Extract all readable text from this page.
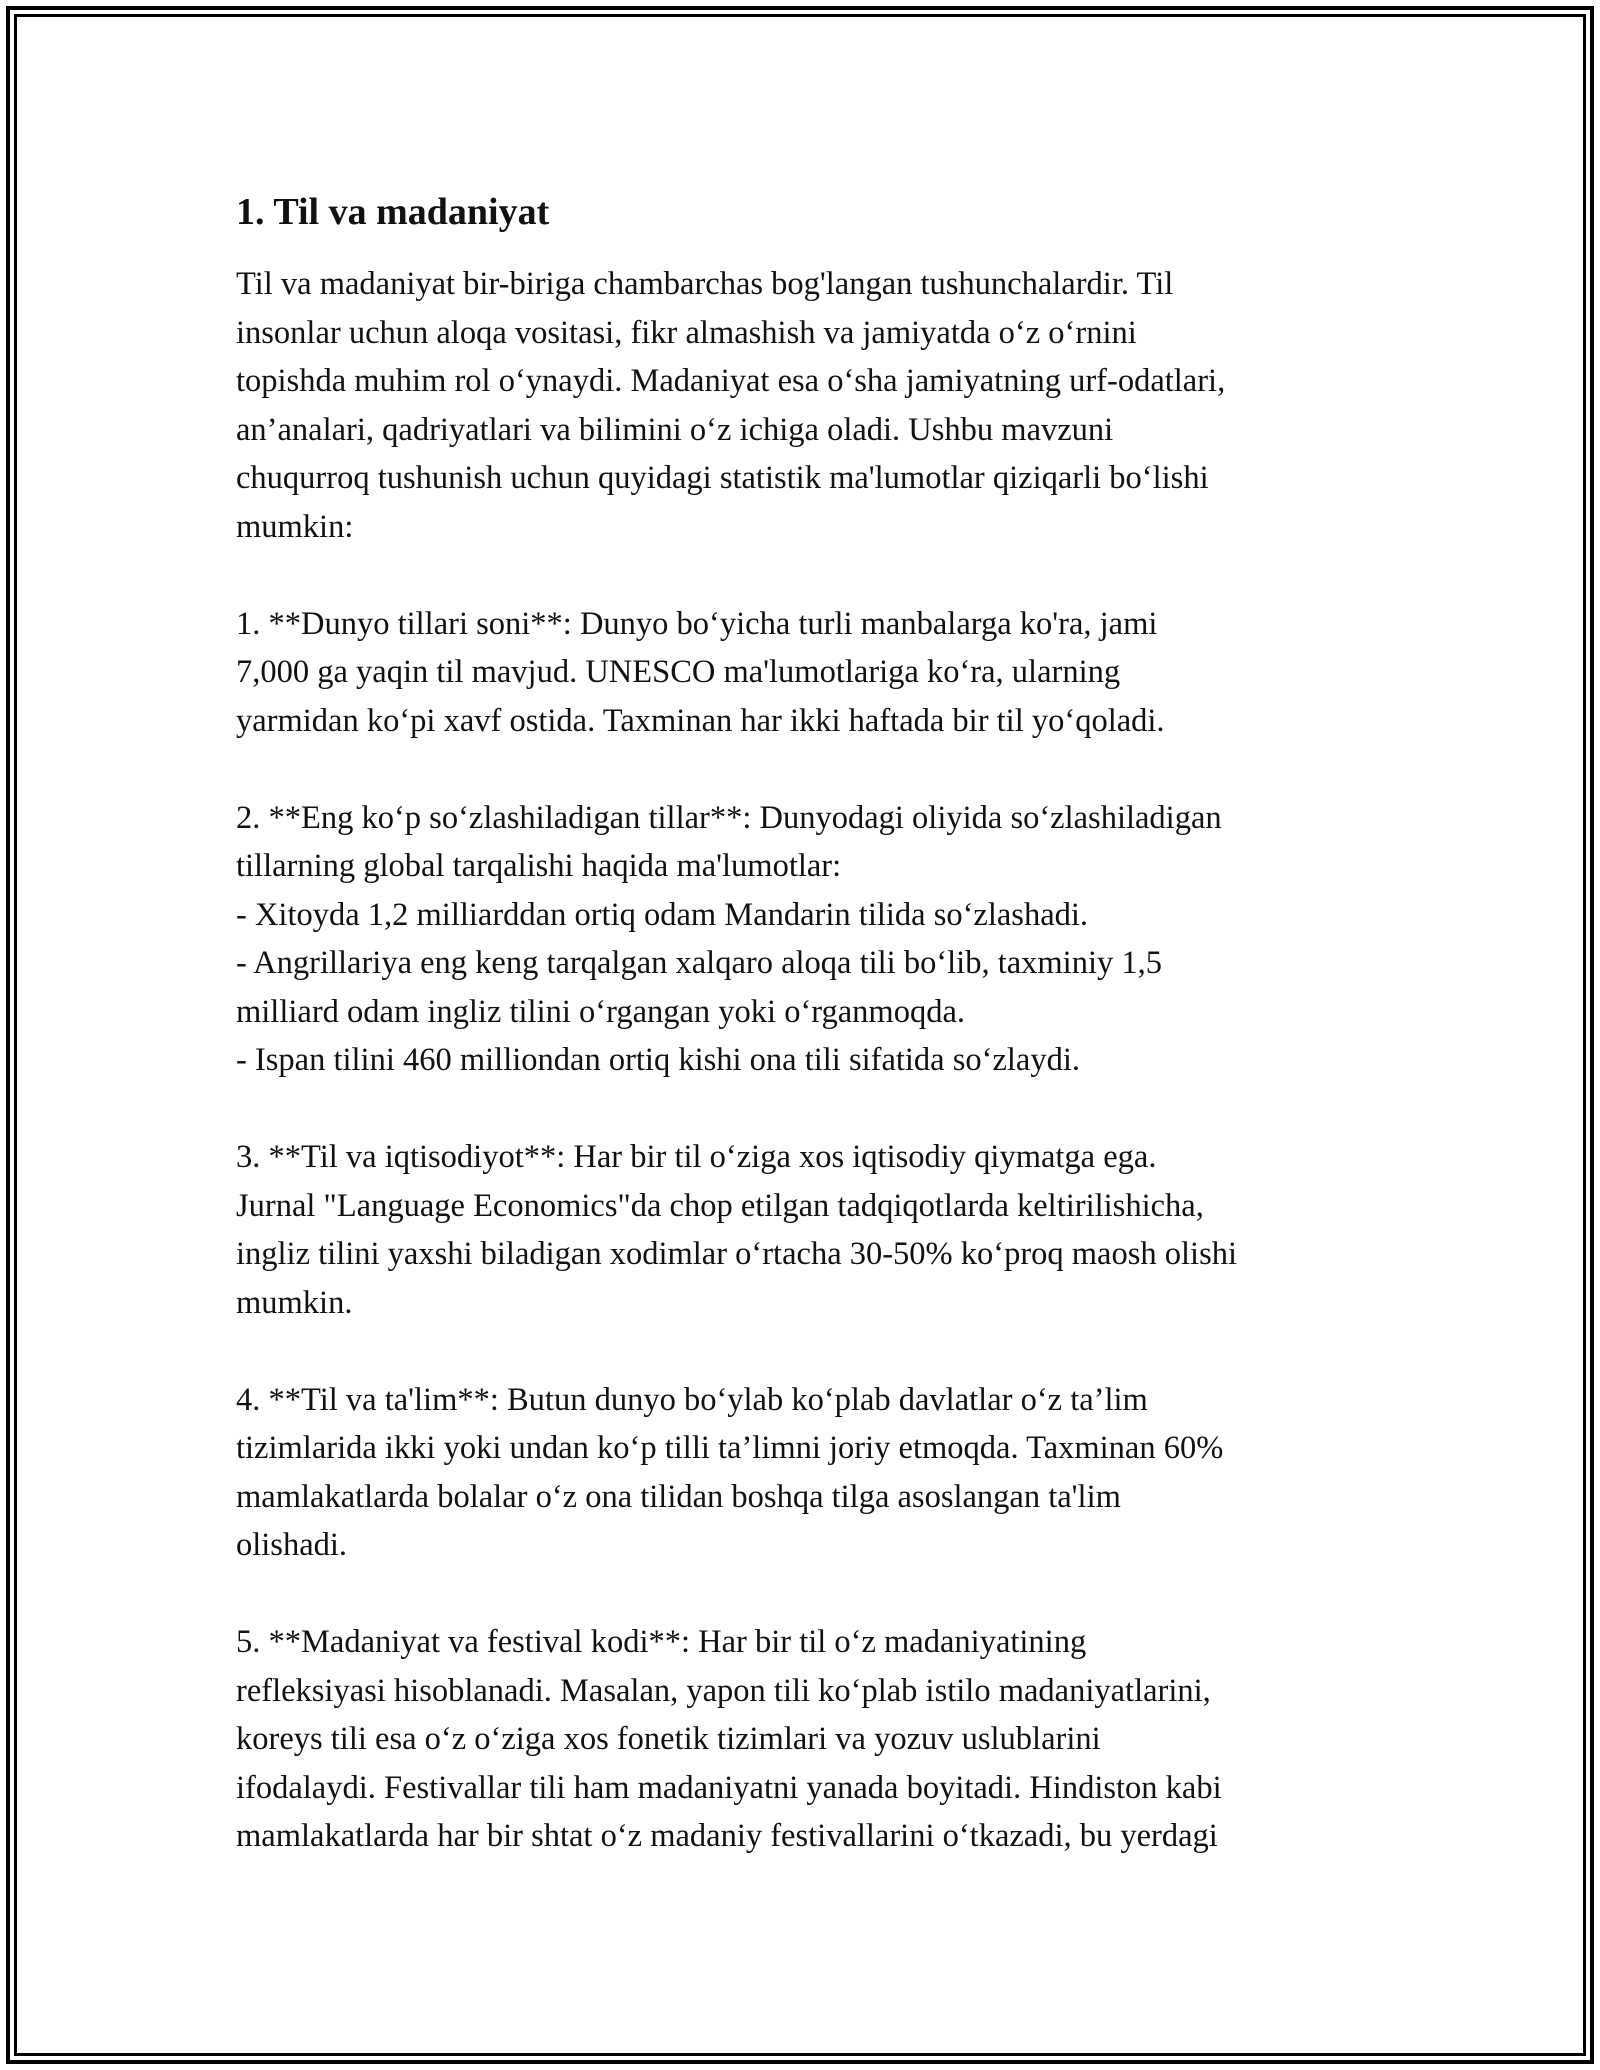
1. Til va madaniyat

Til va madaniyat bir-biriga chambarchas bog'langan tushunchalardir. Til
insonlar uchun aloqa vositasi, fikr almashish va jamiyatda o‘z o‘rnini
topishda muhim rol o‘ynaydi. Madaniyat esa o‘sha jamiyatning urf-odatlari,
an’analari, qadriyatlari va bilimini o‘z ichiga oladi. Ushbu mavzuni
chuqurroq tushunish uchun quyidagi statistik ma'lumotlar qiziqarli bo‘lishi
mumkin:

1. **Dunyo tillari soni**: Dunyo bo‘yicha turli manbalarga ko'ra, jami
7,000 ga yaqin til mavjud. UNESCO ma'lumotlariga ko‘ra, ularning
yarmidan ko‘pi xavf ostida. Taxminan har ikki haftada bir til yo‘qoladi.

2. **Eng ko‘p so‘zlashiladigan tillar**: Dunyodagi oliyida so‘zlashiladigan
tillarning global tarqalishi haqida ma'lumotlar:
- Xitoyda 1,2 milliarddan ortiq odam Mandarin tilida so‘zlashadi.
- Angrillariya eng keng tarqalgan xalqaro aloqa tili bo‘lib, taxminiy 1,5
milliard odam ingliz tilini o‘rgangan yoki o‘rganmoqda.
- Ispan tilini 460 milliondan ortiq kishi ona tili sifatida so‘zlaydi.

3. **Til va iqtisodiyot**: Har bir til o‘ziga xos iqtisodiy qiymatga ega.
Jurnal "Language Economics"da chop etilgan tadqiqotlarda keltirilishicha,
ingliz tilini yaxshi biladigan xodimlar o‘rtacha 30-50% ko‘proq maosh olishi
mumkin.

4. **Til va ta'lim**: Butun dunyo bo‘ylab ko‘plab davlatlar o‘z ta’lim
tizimlarida ikki yoki undan ko‘p tilli ta’limni joriy etmoqda. Taxminan 60%
mamlakatlarda bolalar o‘z ona tilidan boshqa tilga asoslangan ta'lim
olishadi.

5. **Madaniyat va festival kodi**: Har bir til o‘z madaniyatining
refleksiyasi hisoblanadi. Masalan, yapon tili ko‘plab istilo madaniyatlarini,
koreys tili esa o‘z o‘ziga xos fonetik tizimlari va yozuv uslublarini
ifodalaydi. Festivallar tili ham madaniyatni yanada boyitadi. Hindiston kabi
mamlakatlarda har bir shtat o‘z madaniy festivallarini o‘tkazadi, bu yerdagi
